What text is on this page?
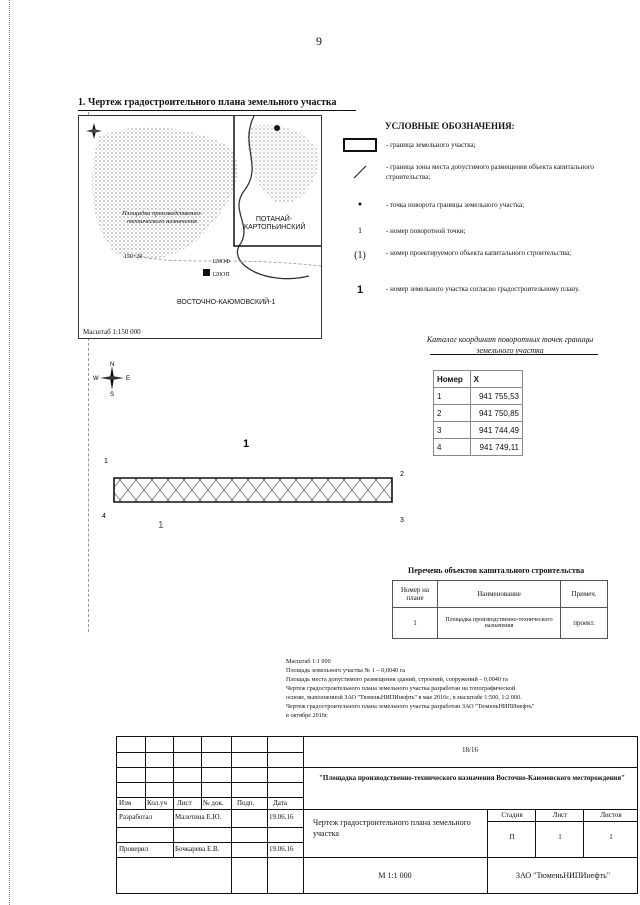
9
1. Чертеж градостроительного плана земельного участка
Площадка производственно-технического назначения	ПОТАНАЙ-КАРТОПЬИНСКИЙ
ВОСТОЧНО-КАЮМОВСКИЙ-1
150+20
120ОФ
120ОП
Масштаб 1:150 000
УСЛОВНЫЕ ОБОЗНАЧЕНИЯ:
- граница земельного участка;
- граница зоны места допустимого размещения объекта капитального строительства;
●	- точка поворота границы земельного участка;
1	- номер поворотной точки;
(1)	- номер проектируемого объекта капитального строительства;
1	- номер земельного участка согласно градостроительному плану.
Каталог координат поворотных точек границы земельного участка
Номер	X
1	941 755,53
2	941 750,85
3	941 744,49
4	941 749,11
N
S
W	E
1
2
3
4
1
1
Перечень объектов капитального строительства
Номер на плане	Наименование	Примеч.
1	Площадка производственно-технического назначения	проект.
Масштаб 1:1 000
Площадь земельного участка № 1 – 0,0040 га
Площадь места допустимого размещения зданий, строений, сооружений – 0,0040 га
Чертеж градостроительного плана земельного участка разработан на топографической
основе, выполненной ЗАО "ТюменьНИПИнефть" в мае 2016г., в масштабе 1:500, 1:2 000.
Чертеж градостроительного плана земельного участка разработан ЗАО "ТюменьНИПИнефть"
в октябре 2016г.
18/16
"Площадка производственно-технического назначения Восточно-Каюмовского месторождения"
Изм Кол.уч Лист № док. Подп.	Дата
Разработал	Малетина Е.Ю.	19.06.16
Проверил	Бочкарева Е.В.	19.06.16
Чертеж градостроительного плана земельного участка
Стадия	Лист	Листов
П	1	1
М 1:1 000	ЗАО "ТюменьНИПИнефть"
